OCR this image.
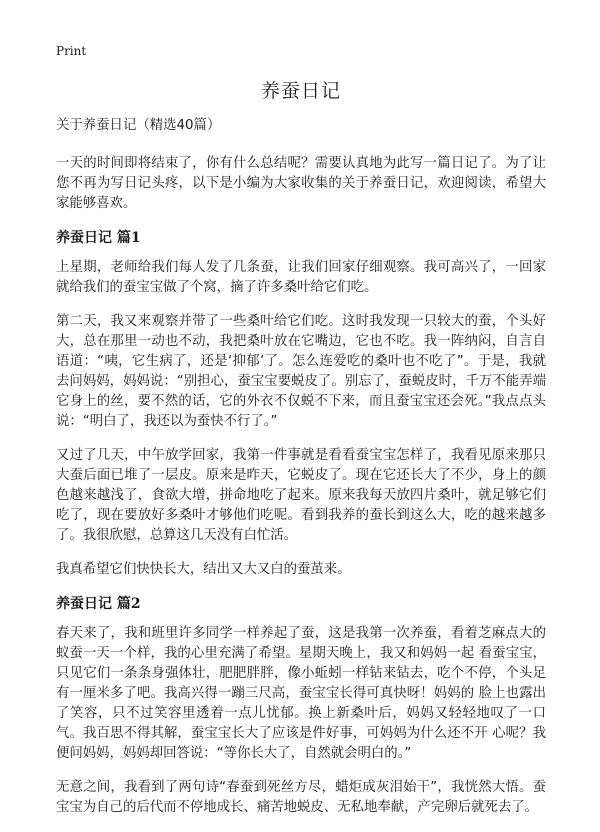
Print
养蚕日记

关于养蚕日记（精选40篇）

一天的时间即将结束了，你有什么总结呢？需要认真地为此写一篇日记了。为了让您不再为写日记头疼，以下是小编为大家收集的关于养蚕日记，欢迎阅读，希望大家能够喜欢。

养蚕日记 篇1

上星期，老师给我们每人发了几条蚕，让我们回家仔细观察。我可高兴了，一回家就给我们的蚕宝宝做了个窝，摘了许多桑叶给它们吃。

第二天，我又来观察并带了一些桑叶给它们吃。这时我发现一只较大的蚕，个头好大，总在那里一动也不动，我把桑叶放在它嘴边，它也不吃。我一阵纳闷，自言自语道：“咦，它生病了，还是‘抑郁’了。怎么连爱吃的桑叶也不吃了”。于是，我就去问妈妈，妈妈说：“别担心，蚕宝宝要蜕皮了。别忘了，蚕蜕皮时，千万不能弄端它身上的丝，要不然的话，它的外衣不仅蜕不下来，而且蚕宝宝还会死。”我点点头说：“明白了，我还以为蚕快不行了。”

又过了几天，中午放学回家，我第一件事就是看看蚕宝宝怎样了，我看见原来那只大蚕后面已堆了一层皮。原来是昨天，它蜕皮了。现在它还长大了不少，身上的颜色越来越浅了，食欲大增，拼命地吃了起来。原来我每天放四片桑叶，就足够它们吃了，现在要放好多桑叶才够他们吃呢。看到我养的蚕长到这么大，吃的越来越多了。我很欣慰，总算这几天没有白忙活。

我真希望它们快快长大，结出又大又白的蚕茧来。

养蚕日记 篇2

春天来了，我和班里许多同学一样养起了蚕，这是我第一次养蚕，看着芝麻点大的蚁蚕一天一个样，我的心里充满了希望。星期天晚上，我又和妈妈一起 看蚕宝宝，只见它们一条条身强体壮，肥肥胖胖，像小蚯蚓一样钻来钻去，吃个不停，个头足有一厘米多了吧。我高兴得一蹦三尺高，蚕宝宝长得可真快呀！妈妈的 脸上也露出了笑容，只不过笑容里透着一点儿忧郁。换上新桑叶后，妈妈又轻轻地叹了一口气。我百思不得其解，蚕宝宝长大了应该是件好事，可妈妈为什么还不开 心呢？我便问妈妈，妈妈却回答说：“等你长大了，自然就会明白的。”

无意之间，我看到了两句诗“春蚕到死丝方尽，蜡炬成灰泪始干”，我恍然大悟。蚕宝宝为自己的后代而不停地成长、痛苦地蜕皮、无私地奉献，产完卵后就死去了。
